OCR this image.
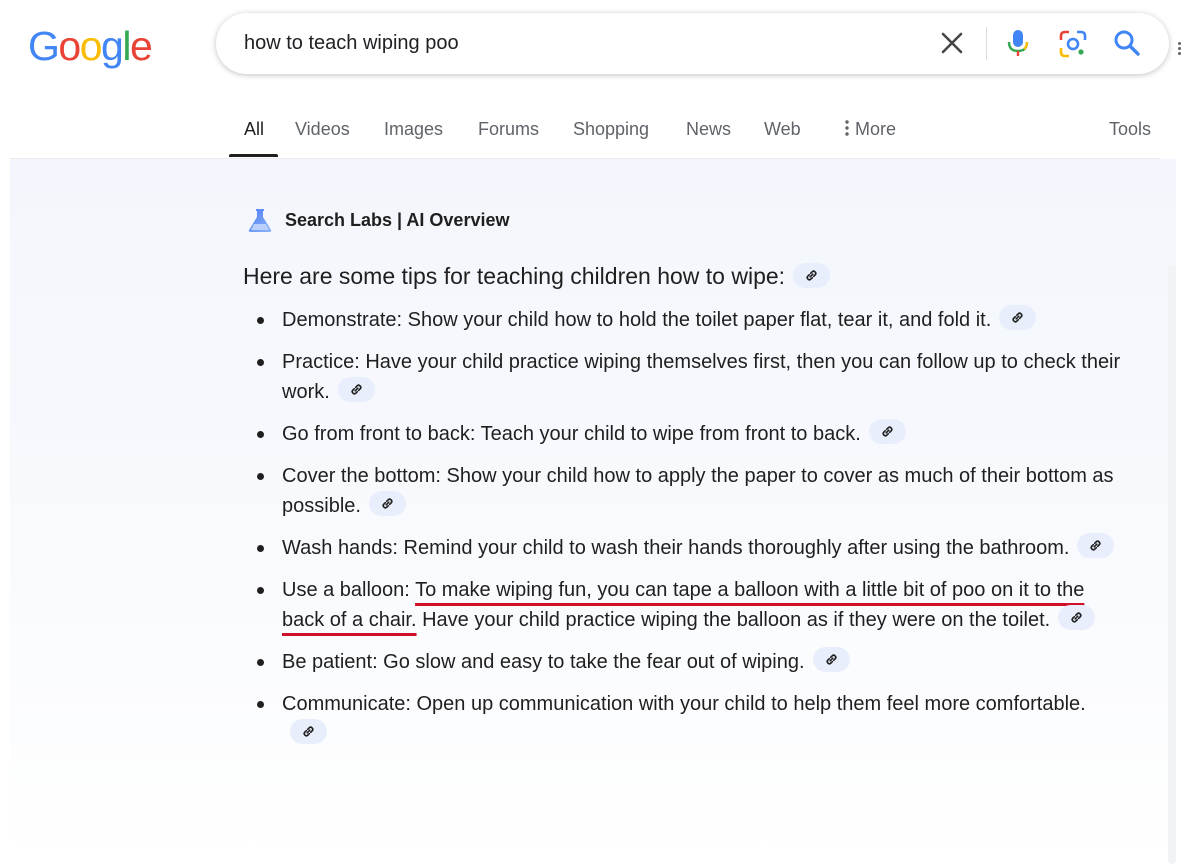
Google	how to teach wiping poo
All Videos Images Forums Shopping News Web	More	Tools
Search Labs | AI Overview
Here are some tips for teaching children how to wipe:
Demonstrate: Show your child how to hold the toilet paper flat, tear it, and fold it.
Practice: Have your child practice wiping themselves first, then you can follow up to check their work.
Go from front to back: Teach your child to wipe from front to back.
Cover the bottom: Show your child how to apply the paper to cover as much of their bottom as possible.
Wash hands: Remind your child to wash their hands thoroughly after using the bathroom.
Use a balloon: To make wiping fun, you can tape a balloon with a little bit of poo on it to the back of a chair. Have your child practice wiping the balloon as if they were on the toilet.
Be patient: Go slow and easy to take the fear out of wiping.
Communicate: Open up communication with your child to help them feel more comfortable.
